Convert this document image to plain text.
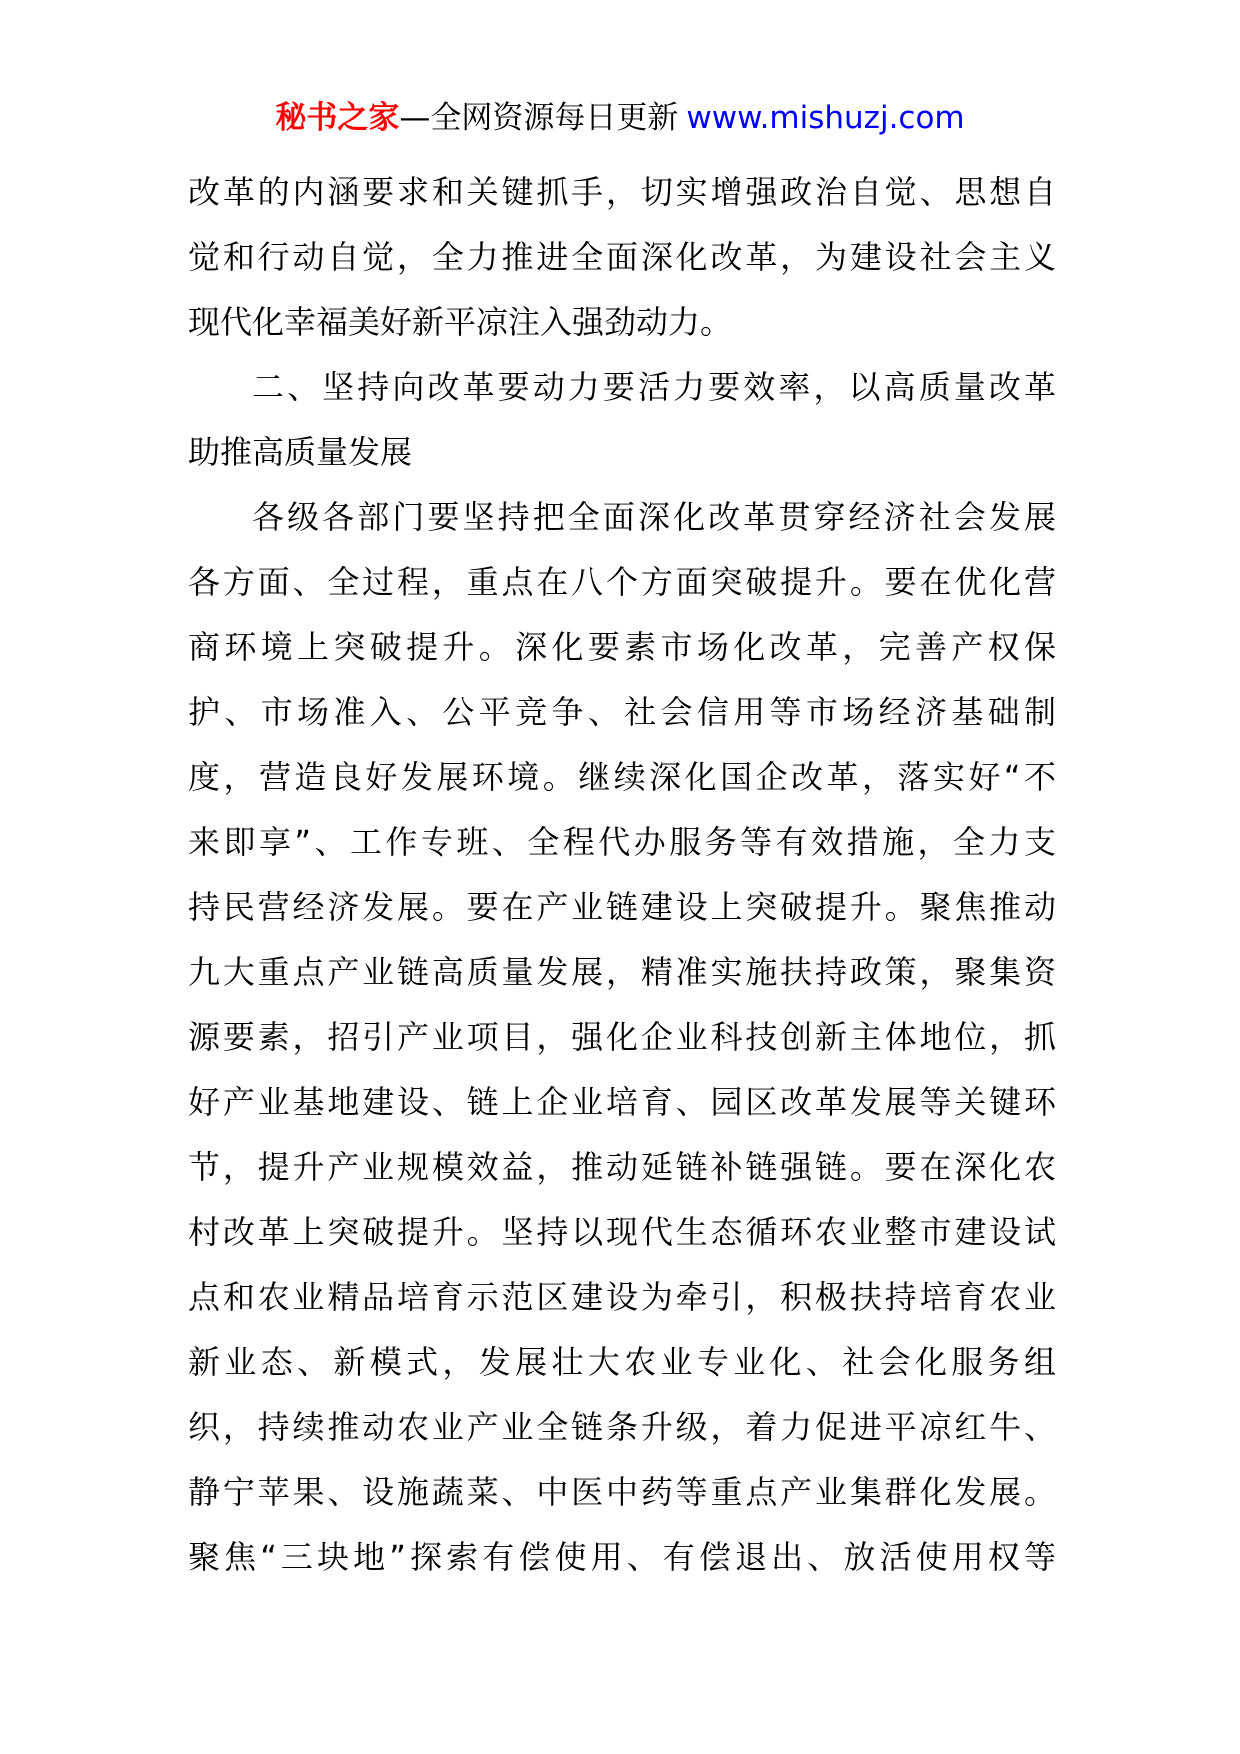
秘书之家—全网资源每日更新 www.mishuzj.com
改革的内涵要求和关键抓手，切实增强政治自觉、思想自
觉和行动自觉，全力推进全面深化改革，为建设社会主义
现代化幸福美好新平凉注入强劲动力。
二、坚持向改革要动力要活力要效率，以高质量改革
助推高质量发展
各级各部门要坚持把全面深化改革贯穿经济社会发展
各方面、全过程，重点在八个方面突破提升。要在优化营
商环境上突破提升。深化要素市场化改革，完善产权保
护、市场准入、公平竞争、社会信用等市场经济基础制
度，营造良好发展环境。继续深化国企改革，落实好“不
来即享”、工作专班、全程代办服务等有效措施，全力支
持民营经济发展。要在产业链建设上突破提升。聚焦推动
九大重点产业链高质量发展，精准实施扶持政策，聚集资
源要素，招引产业项目，强化企业科技创新主体地位，抓
好产业基地建设、链上企业培育、园区改革发展等关键环
节，提升产业规模效益，推动延链补链强链。要在深化农
村改革上突破提升。坚持以现代生态循环农业整市建设试
点和农业精品培育示范区建设为牵引，积极扶持培育农业
新业态、新模式，发展壮大农业专业化、社会化服务组
织，持续推动农业产业全链条升级，着力促进平凉红牛、
静宁苹果、设施蔬菜、中医中药等重点产业集群化发展。
聚焦“三块地”探索有偿使用、有偿退出、放活使用权等
